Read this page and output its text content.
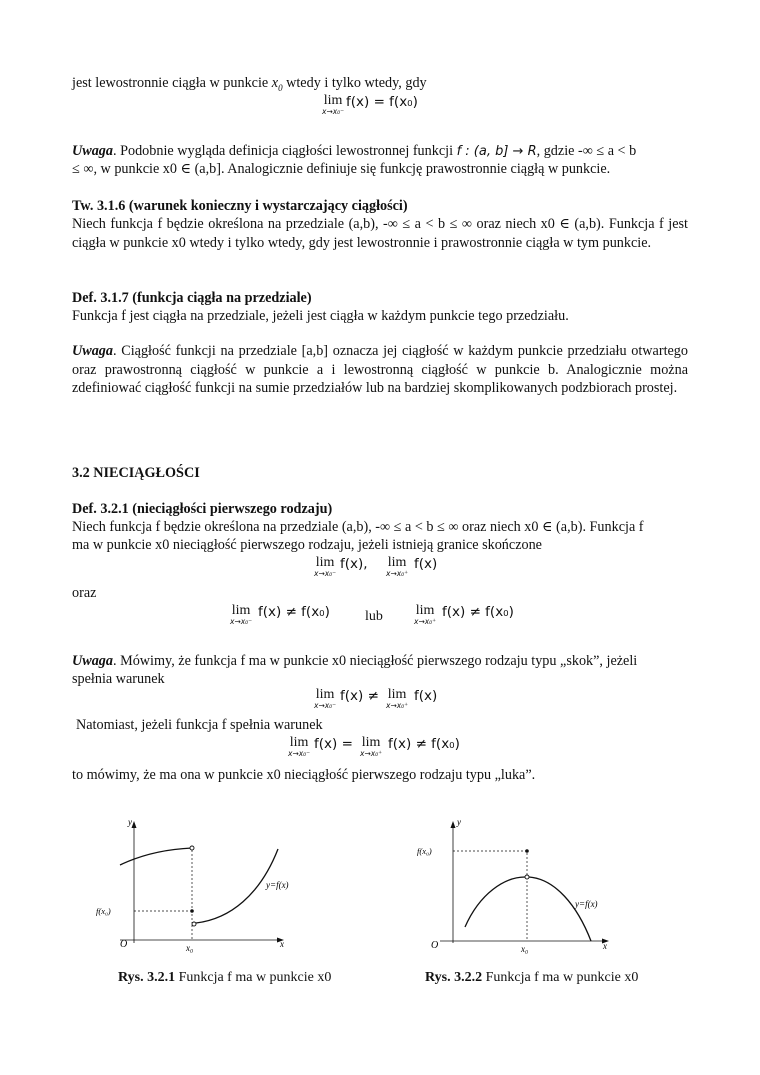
jest lewostronnie ciągła w punkcie $x_0$ wtedy i tylko wtedy, gdy

lim
x→x₀⁻
f(x) = f(x₀)

Uwaga. Podobnie wygląda definicja ciągłości lewostronnej funkcji f : (a, b] → R, gdzie -∞ ≤ a < b

≤ ∞, w punkcie x0 ∈ (a,b]. Analogicznie definiuje się funkcję prawostronnie ciągłą w punkcie.

Tw. 3.1.6 (warunek konieczny i wystarczający ciągłości)

Niech funkcja f będzie określona na przedziale (a,b), -∞ ≤ a < b ≤ ∞ oraz niech x0 ∈ (a,b). Funkcja f jest ciągła w punkcie x0 wtedy i tylko wtedy, gdy jest lewostronnie i prawostronnie ciągła w tym punkcie.

Def. 3.1.7 (funkcja ciągła na przedziale)

Funkcja f jest ciągła na przedziale, jeżeli jest ciągła w każdym punkcie tego przedziału.

Uwaga. Ciągłość funkcji na przedziale [a,b] oznacza jej ciągłość w każdym punkcie przedziału otwartego oraz prawostronną ciągłość w punkcie a i lewostronną ciągłość w punkcie b. Analogicznie można zdefiniować ciągłość funkcji na sumie przedziałów lub na bardziej skomplikowanych podzbiorach prostej.

3.2 NIECIĄGŁOŚCI

Def. 3.2.1 (nieciągłości pierwszego rodzaju)

Niech funkcja f będzie określona na przedziale (a,b), -∞ ≤ a < b ≤ ∞ oraz niech x0 ∈ (a,b). Funkcja f

ma w punkcie x0 nieciągłość pierwszego rodzaju, jeżeli istnieją granice skończone

lim
x→x₀⁻
f(x), lim
x→x₀⁺
f(x)

oraz

lim
x→x₀⁻
f(x) ≠ f(x₀)	lub lim
x→x₀⁺
f(x) ≠ f(x₀)

Uwaga. Mówimy, że funkcja f ma w punkcie x0 nieciągłość pierwszego rodzaju typu „skok”, jeżeli

spełnia warunek

lim
x→x₀⁻
f(x) ≠ lim
x→x₀⁺
f(x)

Natomiast, jeżeli funkcja f spełnia warunek

lim
x→x₀⁻
f(x) = lim
x→x₀⁺
f(x) ≠ f(x₀)

to mówimy, że ma ona w punkcie x0 nieciągłość pierwszego rodzaju typu „luka”.

y
x
O
y=f(x)
f(x₀)
x₀
Rys. 3.2.1 Funkcja f ma w punkcie x0
y
x
O
y=f(x)
f(x₀)
x₀
Rys. 3.2.2 Funkcja f ma w punkcie x0
